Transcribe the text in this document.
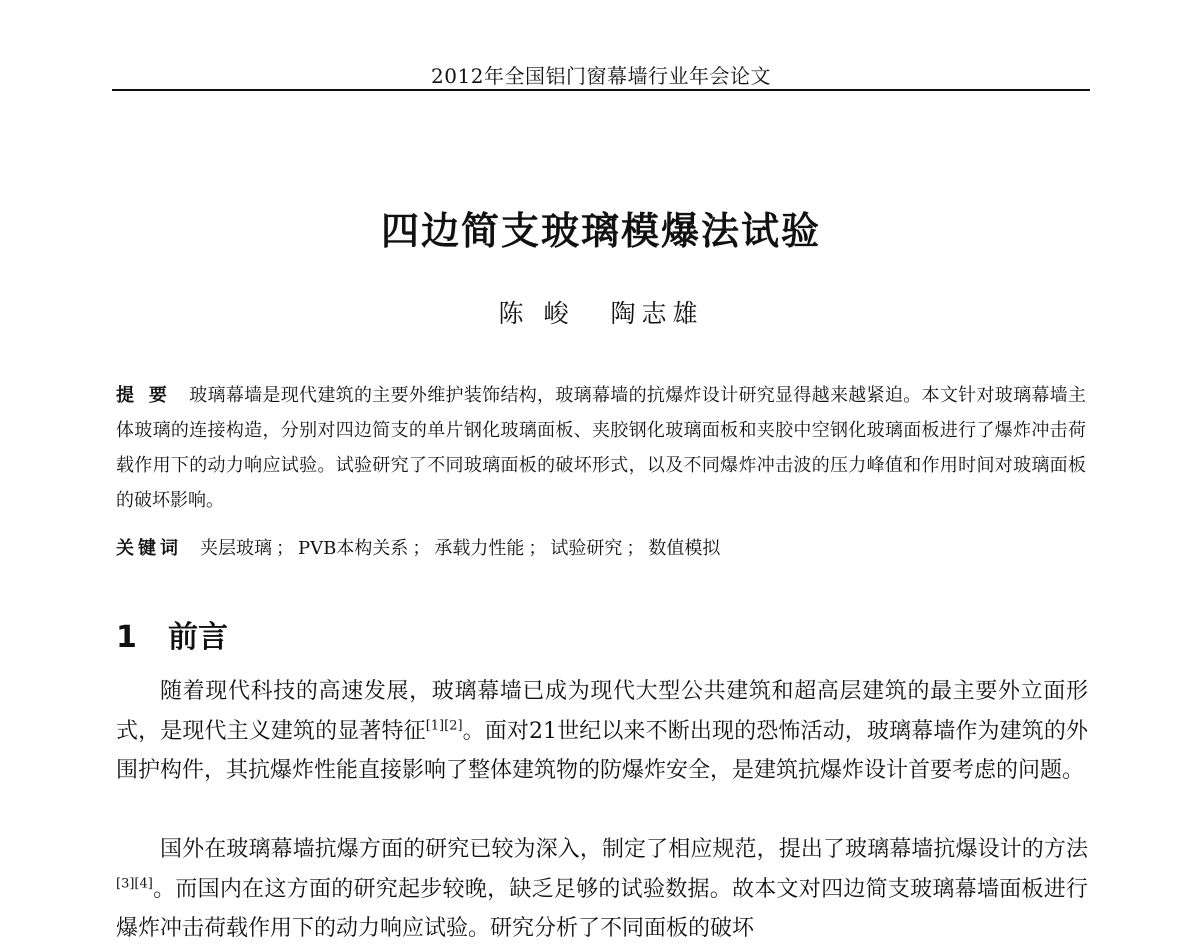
2012年全国铝门窗幕墙行业年会论文
四边简支玻璃模爆法试验
陈 峻 陶志雄

提 要 玻璃幕墙是现代建筑的主要外维护装饰结构，玻璃幕墙的抗爆炸设计研究显得越来越紧迫。本文针对玻璃幕墙主体玻璃的连接构造，分别对四边简支的单片钢化玻璃面板、夹胶钢化玻璃面板和夹胶中空钢化玻璃面板进行了爆炸冲击荷载作用下的动力响应试验。试验研究了不同玻璃面板的破坏形式，以及不同爆炸冲击波的压力峰值和作用时间对玻璃面板的破坏影响。

关键词 夹层玻璃 ； PVB本构关系 ； 承载力性能 ； 试验研究 ； 数值模拟

1 前言

随着现代科技的高速发展，玻璃幕墙已成为现代大型公共建筑和超高层建筑的最主要外立面形式，是现代主义建筑的显著特征[1][2]。面对21世纪以来不断出现的恐怖活动，玻璃幕墙作为建筑的外围护构件，其抗爆炸性能直接影响了整体建筑物的防爆炸安全，是建筑抗爆炸设计首要考虑的问题。

国外在玻璃幕墙抗爆方面的研究已较为深入，制定了相应规范，提出了玻璃幕墙抗爆设计的方法[3][4]。而国内在这方面的研究起步较晚，缺乏足够的试验数据。故本文对四边简支玻璃幕墙面板进行爆炸冲击荷载作用下的动力响应试验。研究分析了不同面板的破坏
